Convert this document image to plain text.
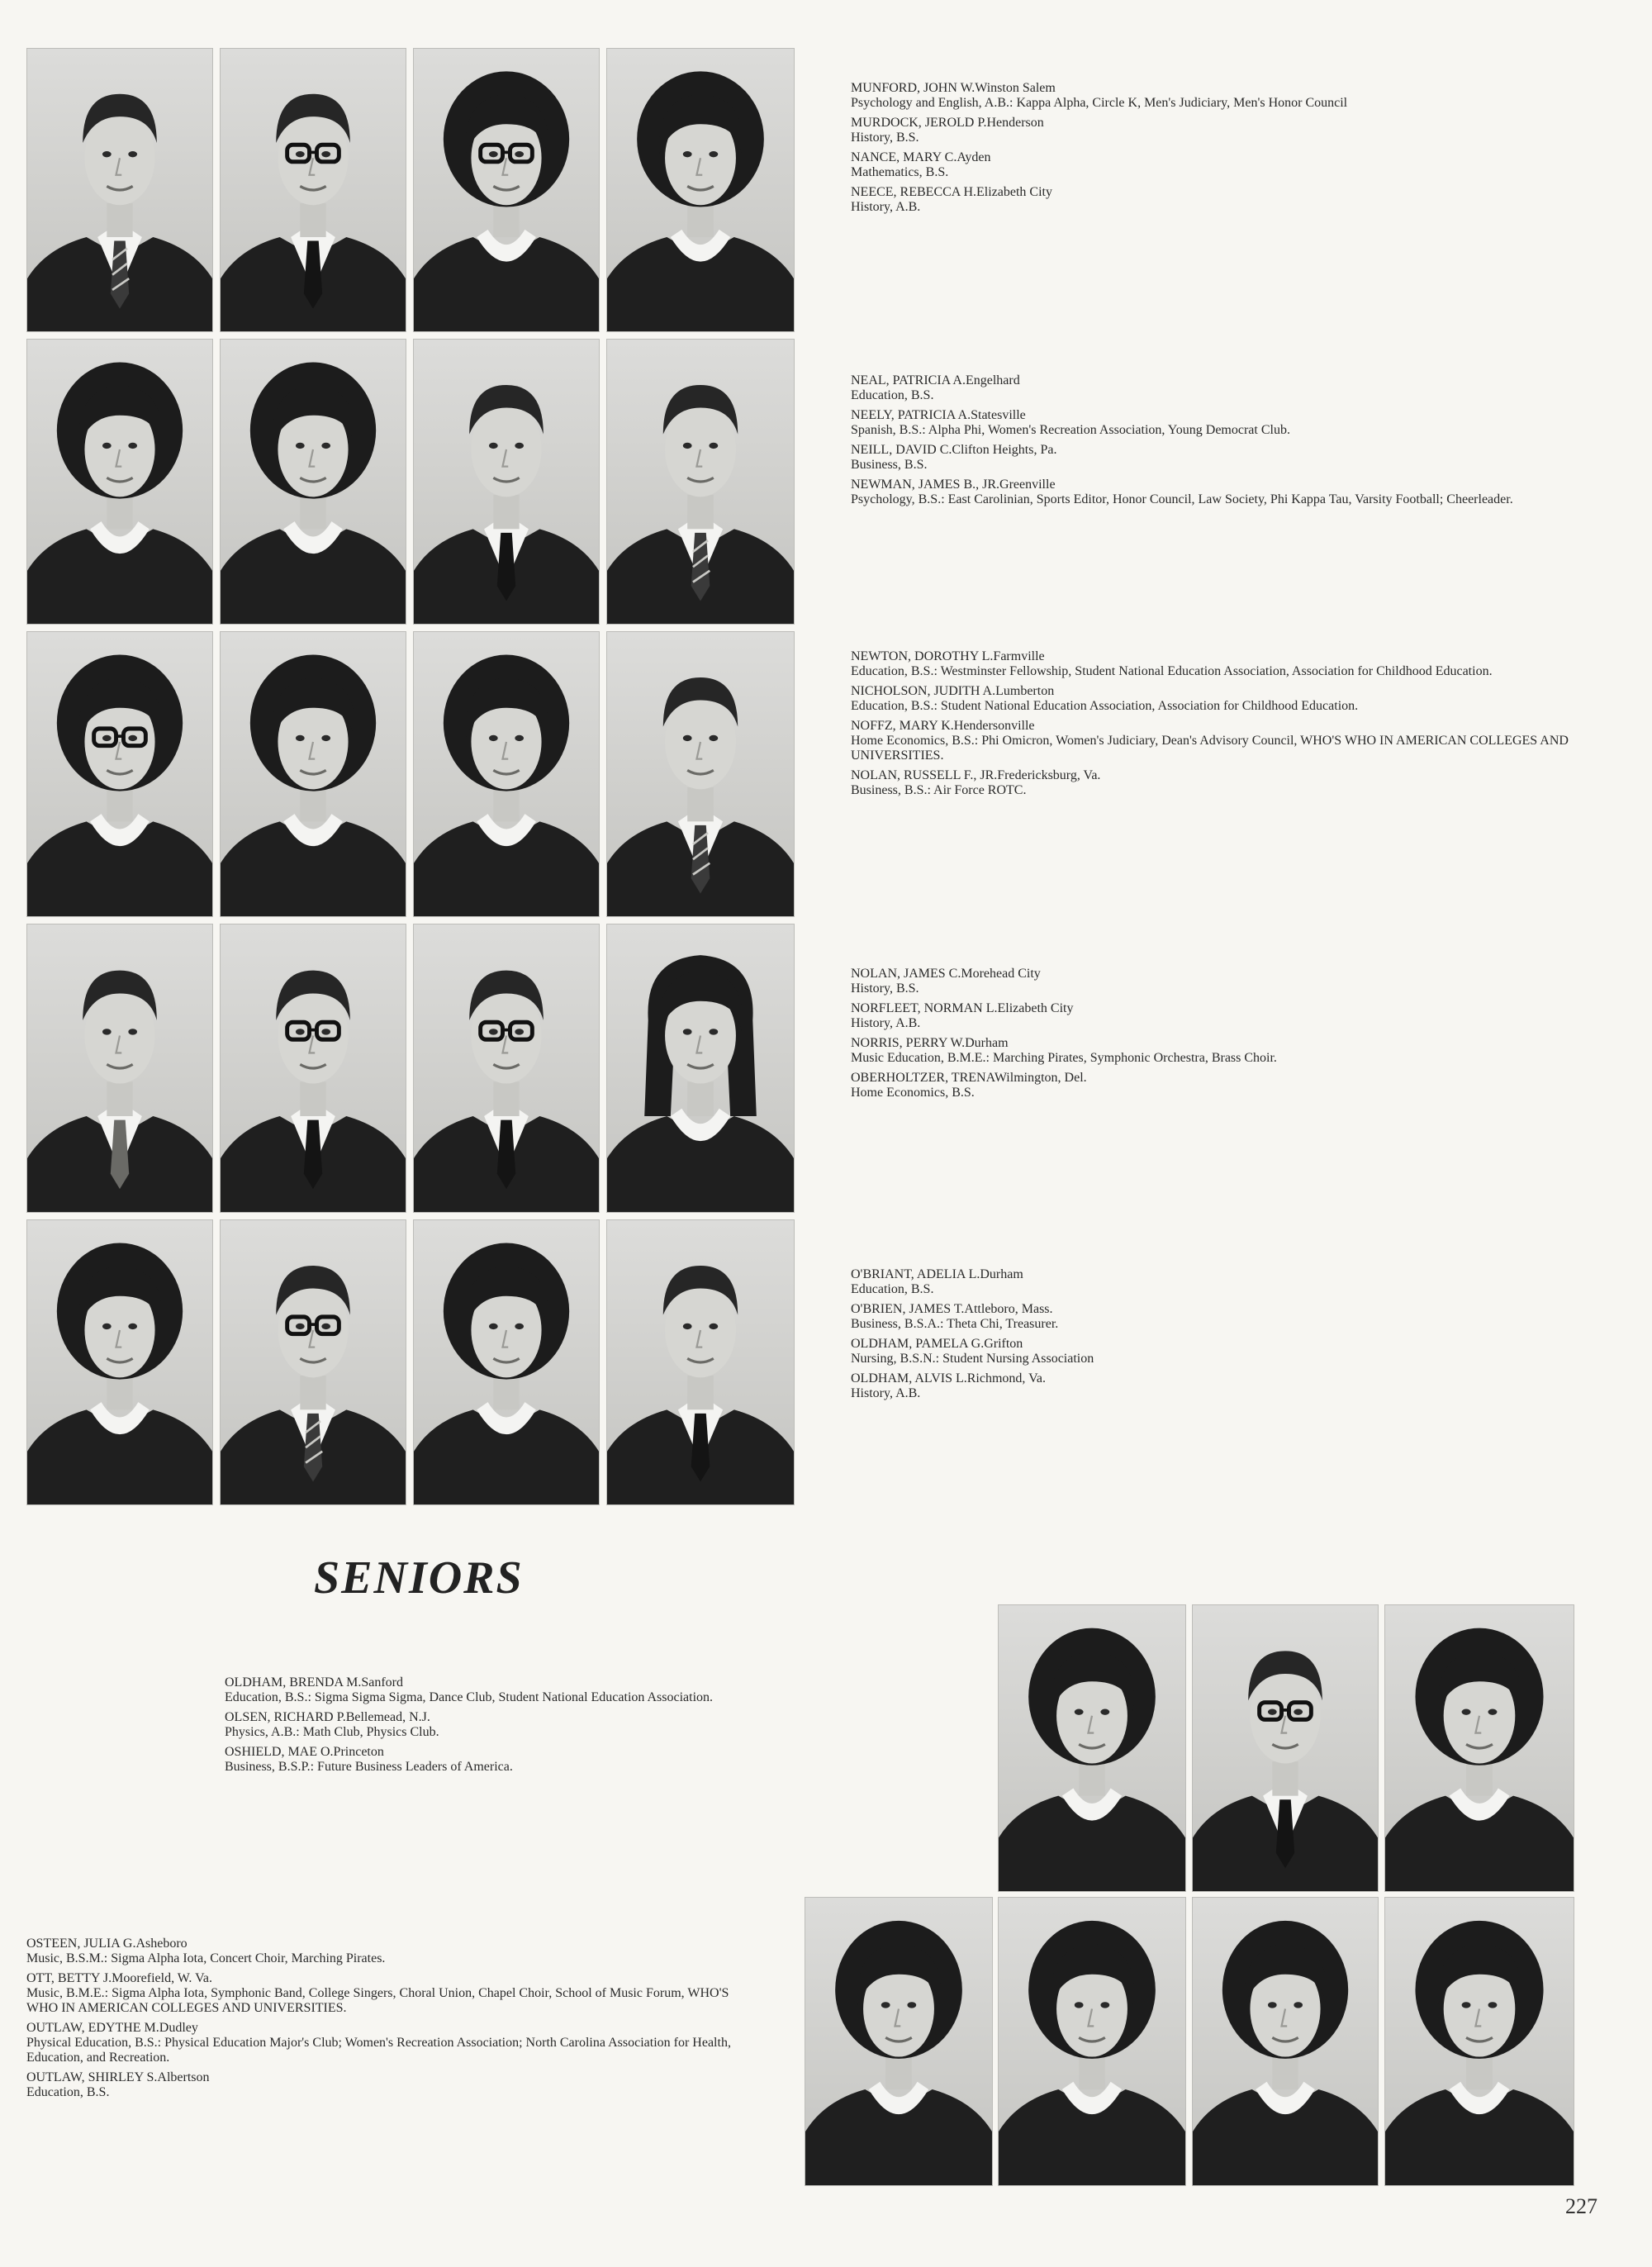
MUNFORD, JOHN W.Winston Salem
Psychology and English, A.B.: Kappa Alpha, Circle K, Men's Judiciary, Men's Honor Council
MURDOCK, JEROLD P.Henderson
History, B.S.
NANCE, MARY C.Ayden
Mathematics, B.S.
NEECE, REBECCA H.Elizabeth City
History, A.B.
NEAL, PATRICIA A.Engelhard
Education, B.S.
NEELY, PATRICIA A.Statesville
Spanish, B.S.: Alpha Phi, Women's Recreation Association, Young Democrat Club.
NEILL, DAVID C.Clifton Heights, Pa.
Business, B.S.
NEWMAN, JAMES B., JR.Greenville
Psychology, B.S.: East Carolinian, Sports Editor, Honor Council, Law Society, Phi Kappa Tau, Varsity Football; Cheerleader.
NEWTON, DOROTHY L.Farmville
Education, B.S.: Westminster Fellowship, Student National Education Association, Association for Childhood Education.
NICHOLSON, JUDITH A.Lumberton
Education, B.S.: Student National Education Association, Association for Childhood Education.
NOFFZ, MARY K.Hendersonville
Home Economics, B.S.: Phi Omicron, Women's Judiciary, Dean's Advisory Council, WHO'S WHO IN AMERICAN COLLEGES AND UNIVERSITIES.
NOLAN, RUSSELL F., JR.Fredericksburg, Va.
Business, B.S.: Air Force ROTC.
NOLAN, JAMES C.Morehead City
History, B.S.
NORFLEET, NORMAN L.Elizabeth City
History, A.B.
NORRIS, PERRY W.Durham
Music Education, B.M.E.: Marching Pirates, Symphonic Orchestra, Brass Choir.
OBERHOLTZER, TRENAWilmington, Del.
Home Economics, B.S.
O'BRIANT, ADELIA L.Durham
Education, B.S.
O'BRIEN, JAMES T.Attleboro, Mass.
Business, B.S.A.: Theta Chi, Treasurer.
OLDHAM, PAMELA G.Grifton
Nursing, B.S.N.: Student Nursing Association
OLDHAM, ALVIS L.Richmond, Va.
History, A.B.
OLDHAM, BRENDA M.Sanford
Education, B.S.: Sigma Sigma Sigma, Dance Club, Student National Education Association.
OLSEN, RICHARD P.Bellemead, N.J.
Physics, A.B.: Math Club, Physics Club.
OSHIELD, MAE O.Princeton
Business, B.S.P.: Future Business Leaders of America.
OSTEEN, JULIA G.Asheboro
Music, B.S.M.: Sigma Alpha Iota, Concert Choir, Marching Pirates.
OTT, BETTY J.Moorefield, W. Va.
Music, B.M.E.: Sigma Alpha Iota, Symphonic Band, College Singers, Choral Union, Chapel Choir, School of Music Forum, WHO'S WHO IN AMERICAN COLLEGES AND UNIVERSITIES.
OUTLAW, EDYTHE M.Dudley
Physical Education, B.S.: Physical Education Major's Club; Women's Recreation Association; North Carolina Association for Health, Education, and Recreation.
OUTLAW, SHIRLEY S.Albertson
Education, B.S.
SENIORS
227
